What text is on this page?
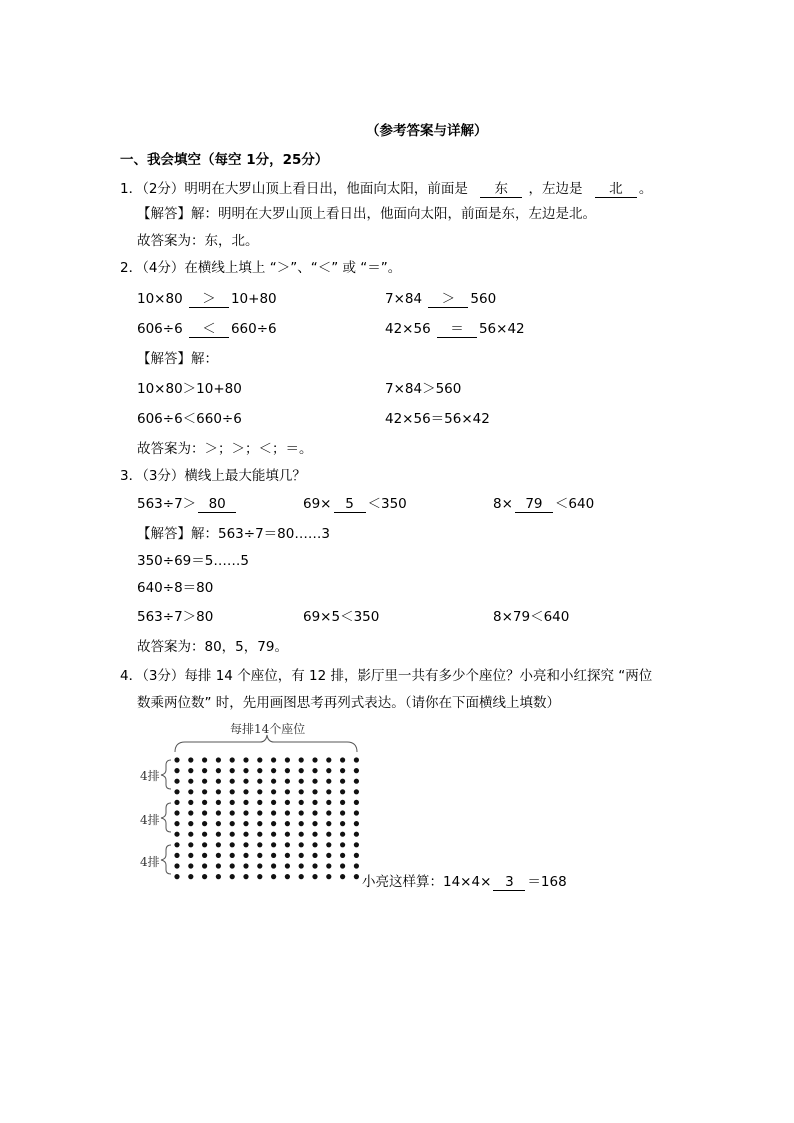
（参考答案与详解）
一、我会填空（每空 1分，25分）
1．（2分）明明在大罗山顶上看日出，他面向太阳，前面是 东 ，左边是 北 。
【解答】解：明明在大罗山顶上看日出，他面向太阳，前面是东，左边是北。
故答案为：东，北。
2．（4分）在横线上填上 “＞”、“＜” 或 “＝”。
10×80 ＞ 10+80	7×84 ＞ 560
606÷6 ＜ 660÷6	42×56 ＝ 56×42
【解答】解：
10×80＞10+80	7×84＞560
606÷6＜660÷6	42×56＝56×42
故答案为：＞；＞；＜；＝。
3．（3分）横线上最大能填几？
563÷7＞ 80	69× 5 ＜350	8× 79 ＜640
【解答】解：563÷7＝80……3
350÷69＝5……5
640÷8＝80
563÷7＞80	69×5＜350	8×79＜640
故答案为：80，5，79。
4．（3分）每排 14 个座位，有 12 排，影厅里一共有多少个座位？小亮和小红探究 “两位
数乘两位数” 时，先用画图思考再列式表达。（请你在下面横线上填数）
每排14个座位
4排
4排
4排
小亮这样算：14×4× 3 ＝168
